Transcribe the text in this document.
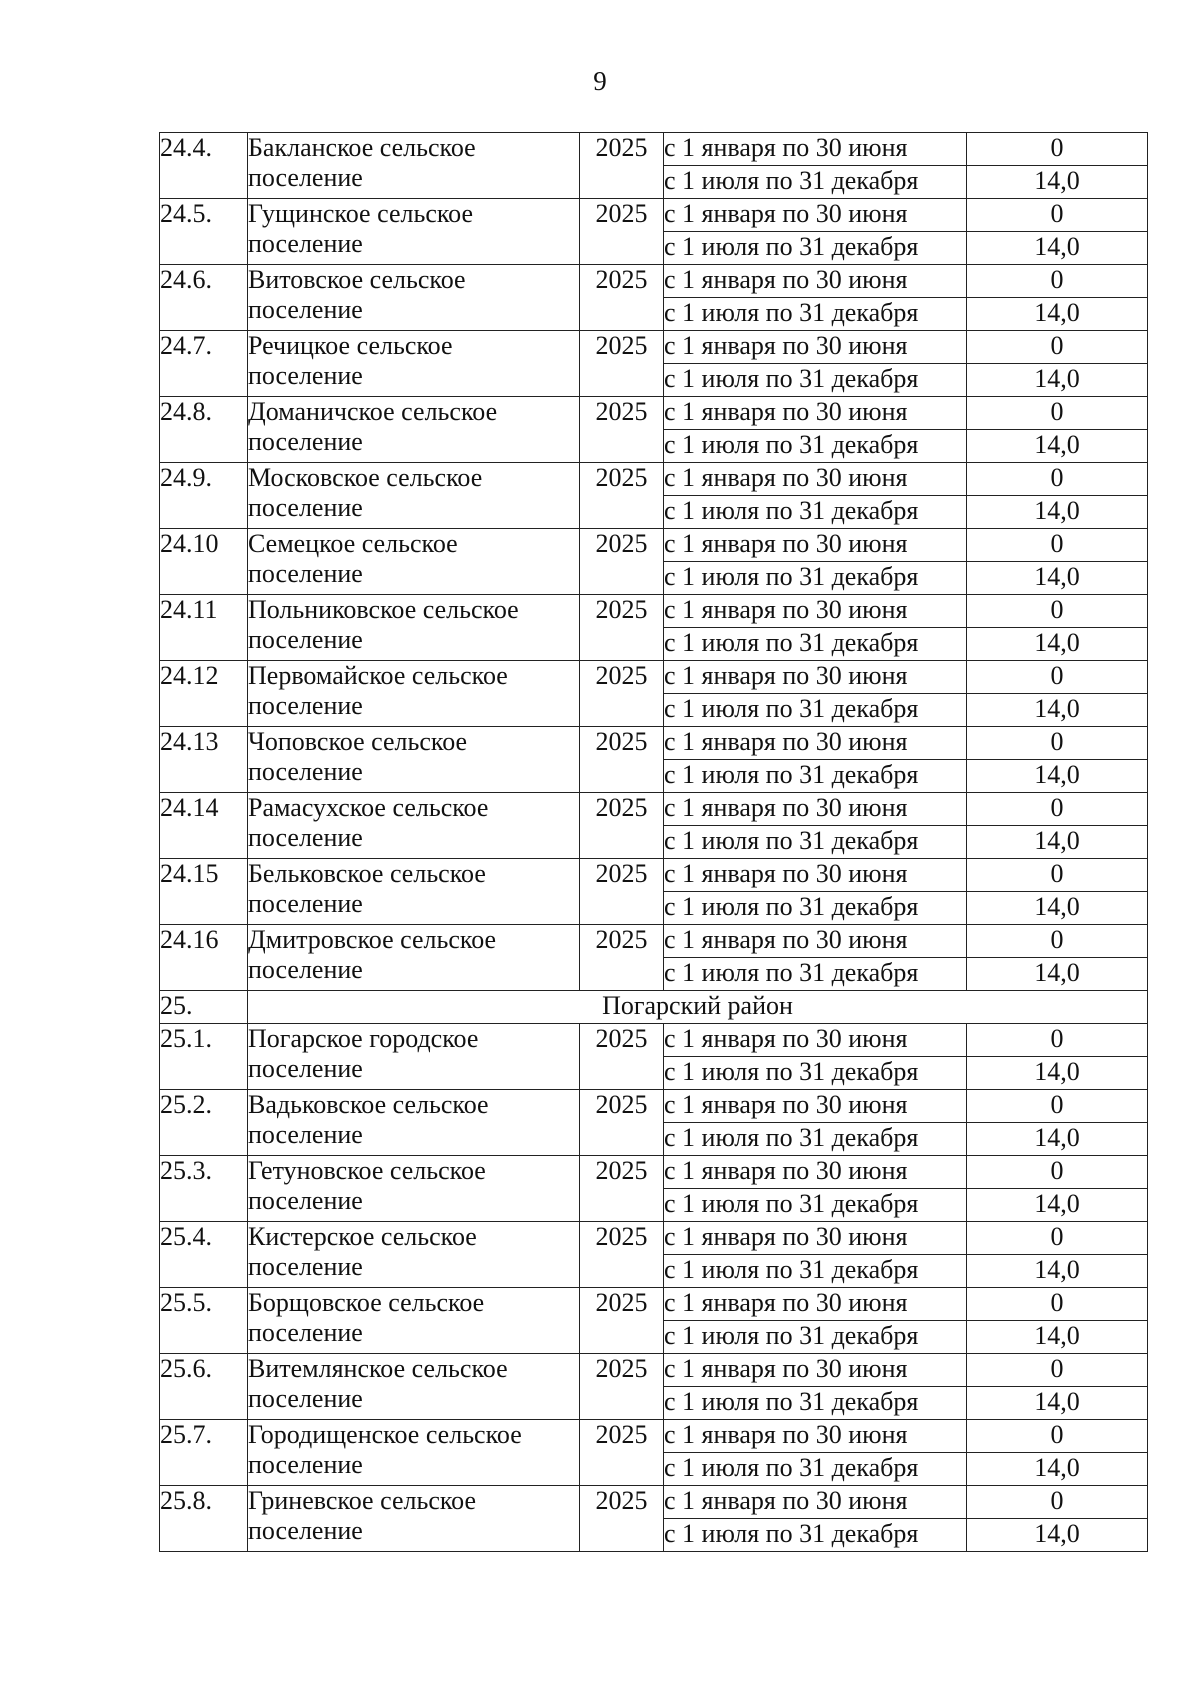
9
24.4.	Бакланское сельское
поселение	2025	с 1 января по 30 июня	0
			с 1 июля по 31 декабря	14,0
24.5.	Гущинское сельское
поселение	2025	с 1 января по 30 июня	0
			с 1 июля по 31 декабря	14,0
24.6.	Витовское сельское
поселение	2025	с 1 января по 30 июня	0
			с 1 июля по 31 декабря	14,0
24.7.	Речицкое сельское
поселение	2025	с 1 января по 30 июня	0
			с 1 июля по 31 декабря	14,0
24.8.	Доманичское сельское
поселение	2025	с 1 января по 30 июня	0
			с 1 июля по 31 декабря	14,0
24.9.	Московское сельское
поселение	2025	с 1 января по 30 июня	0
			с 1 июля по 31 декабря	14,0
24.10	Семецкое сельское
поселение	2025	с 1 января по 30 июня	0
			с 1 июля по 31 декабря	14,0
24.11	Польниковское сельское
поселение	2025	с 1 января по 30 июня	0
			с 1 июля по 31 декабря	14,0
24.12	Первомайское сельское
поселение	2025	с 1 января по 30 июня	0
			с 1 июля по 31 декабря	14,0
24.13	Чоповское сельское
поселение	2025	с 1 января по 30 июня	0
			с 1 июля по 31 декабря	14,0
24.14	Рамасухское сельское
поселение	2025	с 1 января по 30 июня	0
			с 1 июля по 31 декабря	14,0
24.15	Бельковское сельское
поселение	2025	с 1 января по 30 июня	0
			с 1 июля по 31 декабря	14,0
24.16	Дмитровское сельское
поселение	2025	с 1 января по 30 июня	0
			с 1 июля по 31 декабря	14,0
25.	Погарский район			
25.1.	Погарское городское
поселение	2025	с 1 января по 30 июня	0
			с 1 июля по 31 декабря	14,0
25.2.	Вадьковское сельское
поселение	2025	с 1 января по 30 июня	0
			с 1 июля по 31 декабря	14,0
25.3.	Гетуновское сельское
поселение	2025	с 1 января по 30 июня	0
			с 1 июля по 31 декабря	14,0
25.4.	Кистерское сельское
поселение	2025	с 1 января по 30 июня	0
			с 1 июля по 31 декабря	14,0
25.5.	Борщовское сельское
поселение	2025	с 1 января по 30 июня	0
			с 1 июля по 31 декабря	14,0
25.6.	Витемлянское сельское
поселение	2025	с 1 января по 30 июня	0
			с 1 июля по 31 декабря	14,0
25.7.	Городищенское сельское
поселение	2025	с 1 января по 30 июня	0
			с 1 июля по 31 декабря	14,0
25.8.	Гриневское сельское
поселение	2025	с 1 января по 30 июня	0
			с 1 июля по 31 декабря	14,0
